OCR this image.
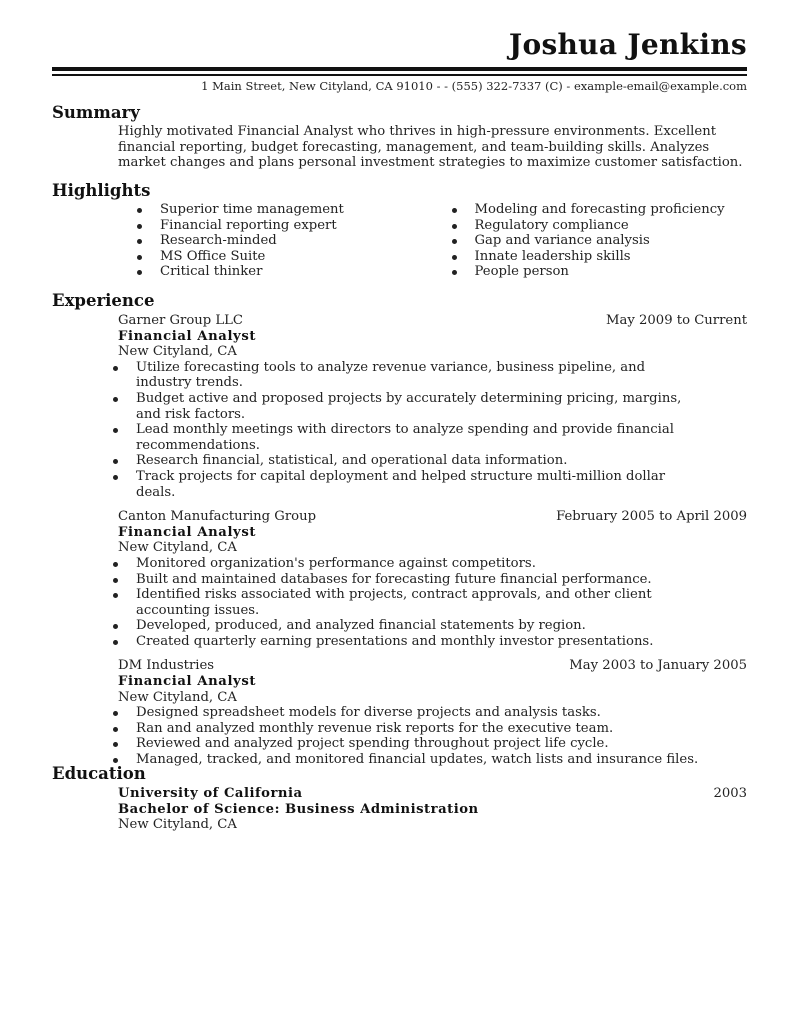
Joshua Jenkins
1 Main Street, New Cityland, CA 91010 - - (555) 322-7337 (C) - example-email@example.com
Summary
Highly motivated Financial Analyst who thrives in high-pressure environments. Excellent financial reporting, budget forecasting, management, and team-building skills. Analyzes market changes and plans personal investment strategies to maximize customer satisfaction.
Highlights
Superior time management
Financial reporting expert
Research-minded
MS Office Suite
Critical thinker
Modeling and forecasting proficiency
Regulatory compliance
Gap and variance analysis
Innate leadership skills
People person
Experience
Garner Group LLC	May 2009 to Current
Financial Analyst
New Cityland, CA
Utilize forecasting tools to analyze revenue variance, business pipeline, and industry trends.
Budget active and proposed projects by accurately determining pricing, margins, and risk factors.
Lead monthly meetings with directors to analyze spending and provide financial recommendations.
Research financial, statistical, and operational data information.
Track projects for capital deployment and helped structure multi-million dollar deals.
Canton Manufacturing Group	February 2005 to April 2009
Financial Analyst
New Cityland, CA
Monitored organization's performance against competitors.
Built and maintained databases for forecasting future financial performance.
Identified risks associated with projects, contract approvals, and other client accounting issues.
Developed, produced, and analyzed financial statements by region.
Created quarterly earning presentations and monthly investor presentations.
DM Industries	May 2003 to January 2005
Financial Analyst
New Cityland, CA
Designed spreadsheet models for diverse projects and analysis tasks.
Ran and analyzed monthly revenue risk reports for the executive team.
Reviewed and analyzed project spending throughout project life cycle.
Managed, tracked, and monitored financial updates, watch lists and insurance files.
Education
University of California	2003
Bachelor of Science: Business Administration
New Cityland, CA
